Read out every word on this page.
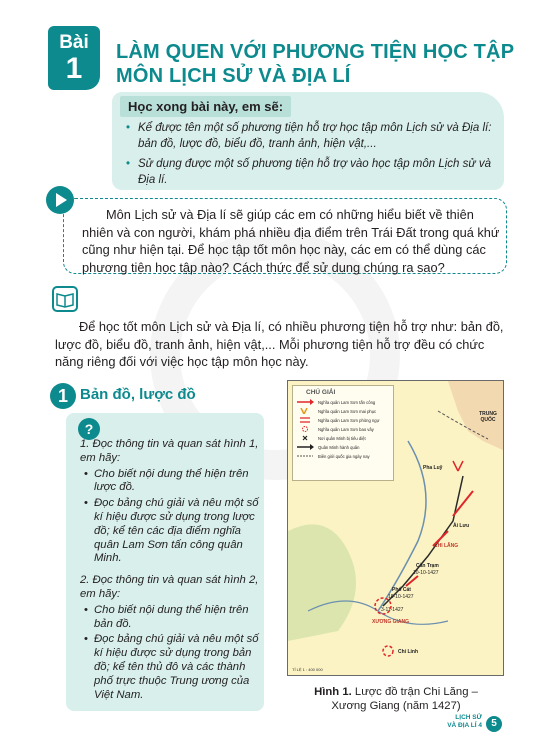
Bài
1	LÀM QUEN VỚI PHƯƠNG TIỆN HỌC TẬP
MÔN LỊCH SỬ VÀ ĐỊA LÍ
Học xong bài này, em sẽ:
• Kể được tên một số phương tiện hỗ trợ học tập môn Lịch sử và Địa lí: bản đồ, lược đồ, biểu đồ, tranh ảnh, hiện vật,...
• Sử dụng được một số phương tiện hỗ trợ vào học tập môn Lịch sử và Địa lí.
Môn Lịch sử và Địa lí sẽ giúp các em có những hiểu biết về thiên nhiên và con người, khám phá nhiều địa điểm trên Trái Đất trong quá khứ cũng như hiện tại. Để học tập tốt môn học này, các em có thể dùng các phương tiện học tập nào? Cách thức để sử dụng chúng ra sao?
Để học tốt môn Lịch sử và Địa lí, có nhiều phương tiện hỗ trợ như: bản đồ, lược đồ, biểu đồ, tranh ảnh, hiện vật,... Mỗi phương tiện hỗ trợ đều có chức năng riêng đối với việc học tập môn học này.
1 Bản đồ, lược đồ
?
1. Đọc thông tin và quan sát hình 1, em hãy:
• Cho biết nội dung thể hiện trên lược đồ.
• Đọc bảng chú giải và nêu một số kí hiệu được sử dụng trong lược đồ; kể tên các địa điểm nghĩa quân Lam Sơn tấn công quân Minh.
2. Đọc thông tin và quan sát hình 2, em hãy:
• Cho biết nội dung thể hiện trên bản đồ.
• Đọc bảng chú giải và nêu một số kí hiệu được sử dụng trong bản đồ; kể tên thủ đô và các thành phố trực thuộc Trung ương của Việt Nam.
CHÚ GIẢI
Nghĩa quân Lam Sơn tấn công
Nghĩa quân Lam Sơn mai phục
Nghĩa quân Lam Sơn phòng ngự
Nghĩa quân Lam Sơn bao vây
Nơi quân Minh bị tiêu diệt
Quân Minh hành quân
Biên giới quốc gia ngày nay
TRUNG QUỐC
Pha Luỹ
Ải Lưu
CHI LĂNG
Cần Trạm
10-10-1427
Phố Cát
18-10-1427
3-11-1427
XƯƠNG GIANG
Chí Linh
TỈ LỆ 1 : 400 000
Hình 1. Lược đồ trận Chi Lăng – Xương Giang (năm 1427)
LỊCH SỬ
VÀ ĐỊA LÍ 4 5
